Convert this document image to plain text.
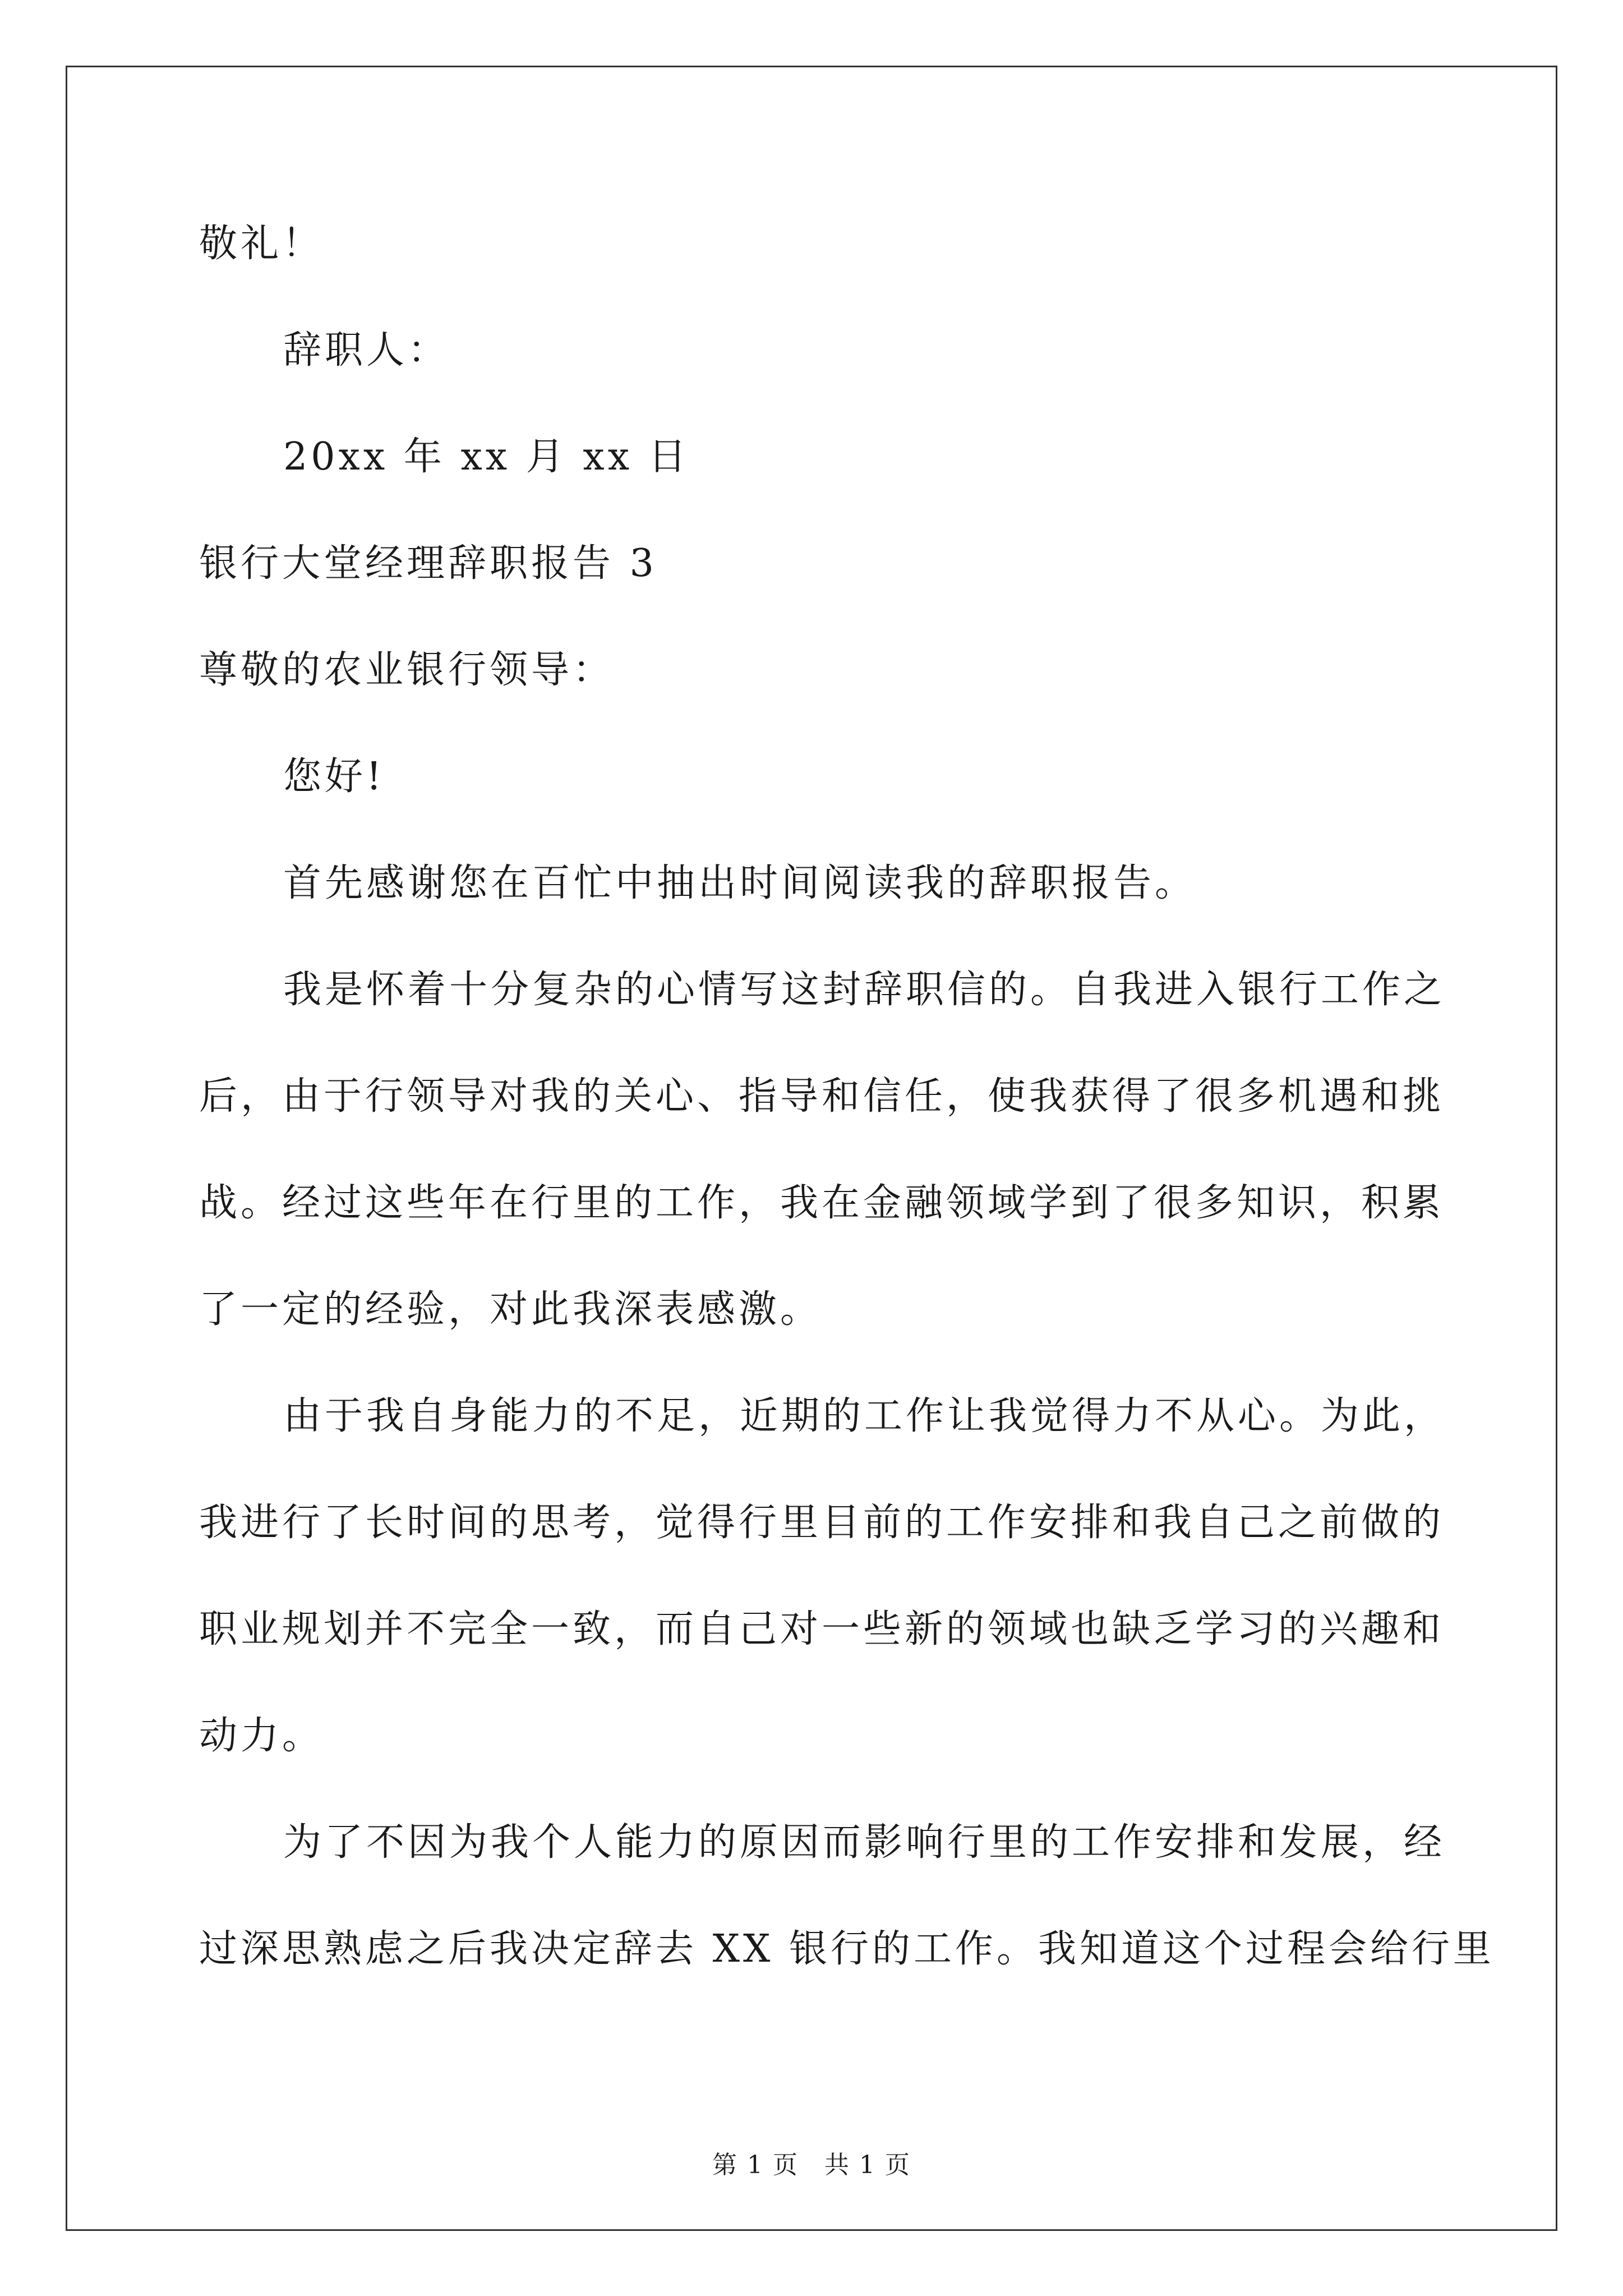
敬礼！
辞职人：
20xx 年 xx 月 xx 日
银行大堂经理辞职报告 3
尊敬的农业银行领导：
您好!
首先感谢您在百忙中抽出时间阅读我的辞职报告。
我是怀着十分复杂的心情写这封辞职信的。自我进入银行工作之
后，由于行领导对我的关心、指导和信任，使我获得了很多机遇和挑
战。经过这些年在行里的工作，我在金融领域学到了很多知识，积累
了一定的经验，对此我深表感激。
由于我自身能力的不足，近期的工作让我觉得力不从心。为此，
我进行了长时间的思考，觉得行里目前的工作安排和我自己之前做的
职业规划并不完全一致，而自己对一些新的领域也缺乏学习的兴趣和
动力。
为了不因为我个人能力的原因而影响行里的工作安排和发展，经
过深思熟虑之后我决定辞去 XX 银行的工作。我知道这个过程会给行里
第 1 页　共 1 页
